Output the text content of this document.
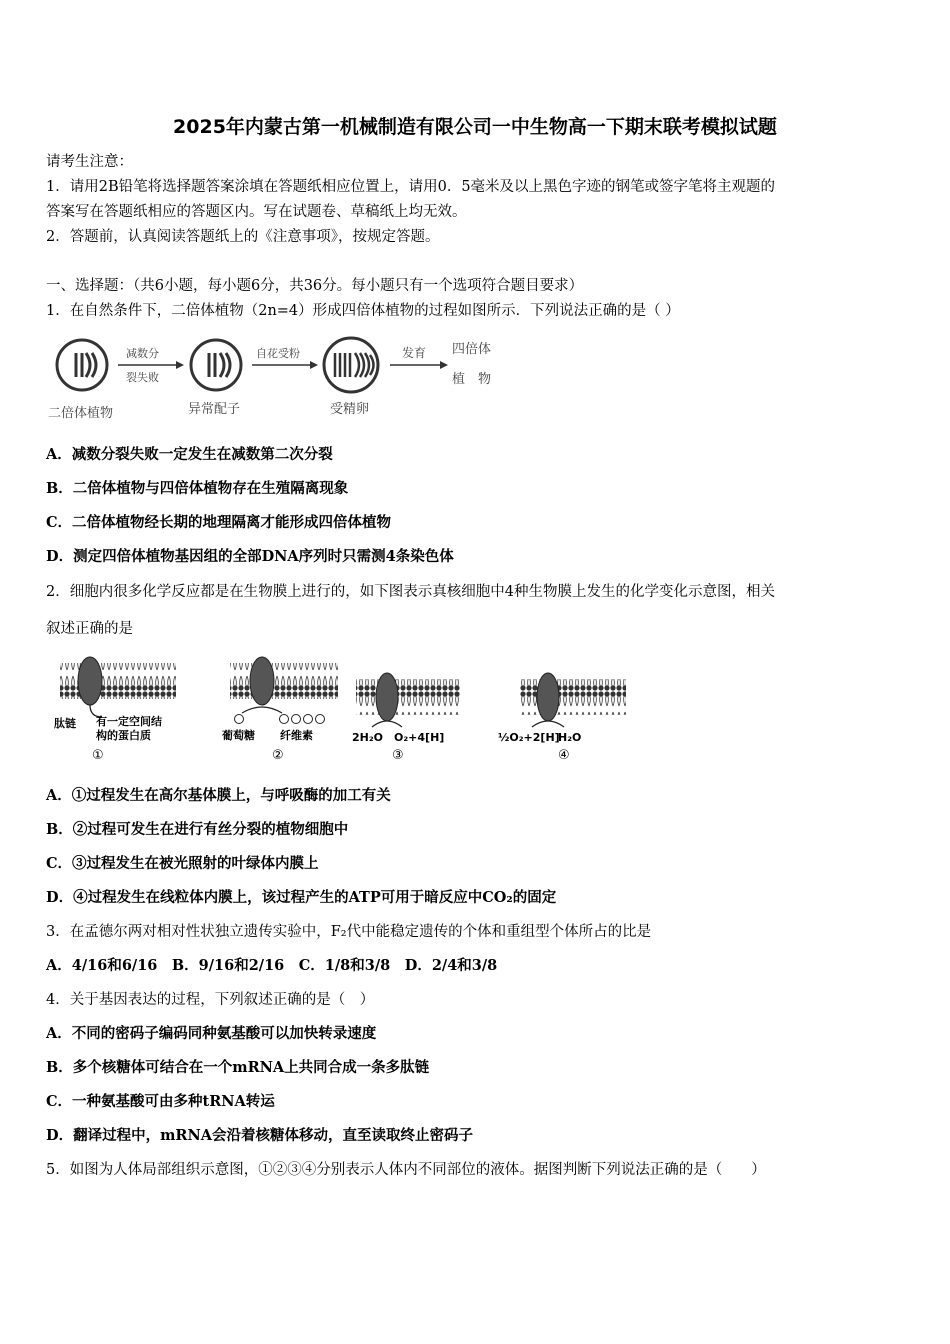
2025年内蒙古第一机械制造有限公司一中生物高一下期末联考模拟试题
请考生注意：
1．请用2B铅笔将选择题答案涂填在答题纸相应位置上，请用0．5毫米及以上黑色字迹的钢笔或签字笔将主观题的
答案写在答题纸相应的答题区内。写在试题卷、草稿纸上均无效。
2．答题前，认真阅读答题纸上的《注意事项》，按规定答题。
一、选择题：（共6小题，每小题6分，共36分。每小题只有一个选项符合题目要求）
1．在自然条件下，二倍体植物（2n=4）形成四倍体植物的过程如图所示．下列说法正确的是（ ）
二倍体植物
减数分
裂失败
异常配子
自花受粉
受精卵
发育 四倍体
植　物
A．减数分裂失败一定发生在减数第二次分裂
B．二倍体植物与四倍体植物存在生殖隔离现象
C．二倍体植物经长期的地理隔离才能形成四倍体植物
D．测定四倍体植物基因组的全部DNA序列时只需测4条染色体
2．细胞内很多化学反应都是在生物膜上进行的，如下图表示真核细胞中4种生物膜上发生的化学变化示意图，相关
叙述正确的是
肽链 有一定空间结
构的蛋白质
①
葡萄糖 纤维素
②
2H₂O O₂+4[H]
③
½O₂+2[H]
H₂O
④
A．①过程发生在高尔基体膜上，与呼吸酶的加工有关
B．②过程可发生在进行有丝分裂的植物细胞中
C．③过程发生在被光照射的叶绿体内膜上
D．④过程发生在线粒体内膜上，该过程产生的ATP可用于暗反应中CO₂的固定
3．在孟德尔两对相对性状独立遗传实验中，F₂代中能稳定遗传的个体和重组型个体所占的比是
A．4/16和6/16　B．9/16和2/16　C．1/8和3/8　D．2/4和3/8
4．关于基因表达的过程，下列叙述正确的是（　）
A．不同的密码子编码同种氨基酸可以加快转录速度
B．多个核糖体可结合在一个mRNA上共同合成一条多肽链
C．一种氨基酸可由多种tRNA转运
D．翻译过程中，mRNA会沿着核糖体移动，直至读取终止密码子
5．如图为人体局部组织示意图，①②③④分别表示人体内不同部位的液体。据图判断下列说法正确的是（　　）
